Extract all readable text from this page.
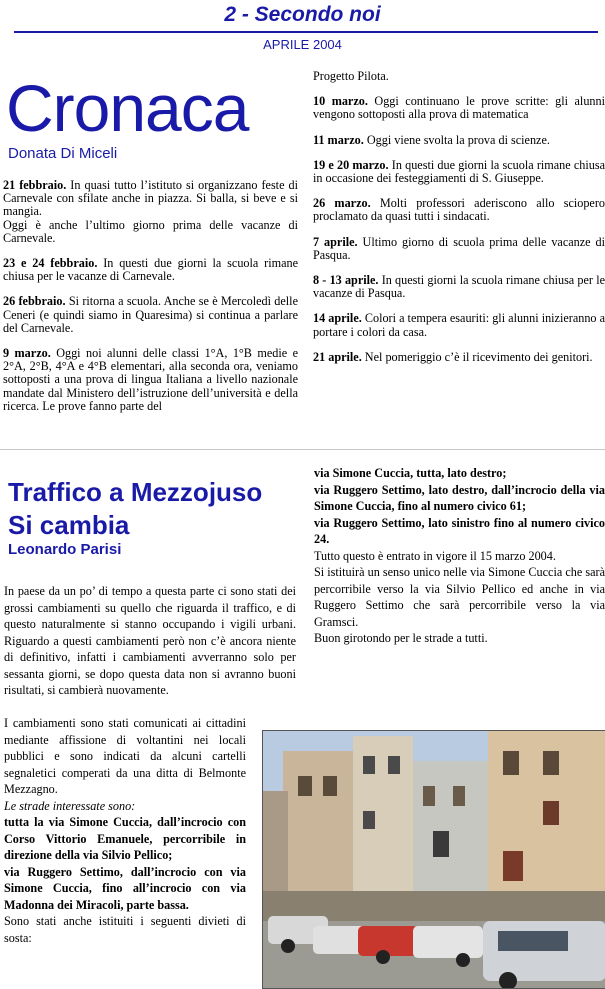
2 - Secondo noi
APRILE 2004
Cronaca
Donata Di Miceli

21 febbraio. In quasi tutto l’istituto si organizzano feste di Carnevale con sfilate anche in piazza. Si balla, si beve e si mangia.

Oggi è anche l’ultimo giorno prima delle vacanze di Carnevale.

23 e 24 febbraio. In questi due giorni la scuola rimane chiusa per le vacanze di Carnevale.

26 febbraio. Si ritorna a scuola. Anche se è Mercoledì delle Ceneri (e quindi siamo in Quaresima) si continua a parlare del Carnevale.

9 marzo. Oggi noi alunni delle classi 1°A, 1°B medie e 2°A, 2°B, 4°A e 4°B elementari, alla seconda ora, veniamo sottoposti a una prova di lingua Italiana a livello nazionale mandate dal Ministero dell’istruzione dell’università e della ricerca. Le prove fanno parte del

Progetto Pilota.

10 marzo. Oggi continuano le prove scritte: gli alunni vengono sottoposti alla prova di matematica

11 marzo. Oggi viene svolta la prova di scienze.

19 e 20 marzo. In questi due giorni la scuola rimane chiusa in occasione dei festeggiamenti di S. Giuseppe.

26 marzo. Molti professori aderiscono allo sciopero proclamato da quasi tutti i sindacati.

7 aprile. Ultimo giorno di scuola prima delle vacanze di Pasqua.

8 - 13 aprile. In questi giorni la scuola rimane chiusa per le vacanze di Pasqua.

14 aprile. Colori a tempera esauriti: gli alunni inizieranno a portare i colori da casa.

21 aprile. Nel pomeriggio c’è il ricevimento dei genitori.

Traffico a Mezzojuso
Si cambia
Leonardo Parisi

In paese da un po’ di tempo a questa parte ci sono stati dei grossi cambiamenti su quello che riguarda il traffico, e di questo naturalmente si stanno occupando i vigili urbani. Riguardo a questi cambiamenti però non c’è ancora niente di definitivo, infatti i cambiamenti avverranno solo per sessanta giorni, se dopo questa data non si avranno buoni risultati, si cambierà nuovamente.

I cambiamenti sono stati comunicati ai cittadini mediante affissione di voltantini nei locali pubblici e sono indicati da alcuni cartelli segnaletici comperati da una ditta di Belmonte Mezzagno.

Le strade interessate sono:

tutta la via Simone Cuccia, dall’incrocio con Corso Vittorio Emanuele, percorribile in direzione della via Silvio Pellico;

via Ruggero Settimo, dall’incrocio con via Simone Cuccia, fino all’incrocio con via Madonna dei Miracoli, parte bassa.

Sono stati anche istituiti i seguenti divieti di sosta:

via Simone Cuccia, tutta, lato destro;

via Ruggero Settimo, lato destro, dall’incrocio della via Simone Cuccia, fino al numero civico 61;

via Ruggero Settimo, lato sinistro fino al numero civico 24.

Tutto questo è entrato in vigore il 15 marzo 2004.

Si istituirà un senso unico nelle via Simone Cuccia che sarà percorribile verso la via Silvio Pellico ed anche in via Ruggero Settimo che sarà percorribile verso la via Gramsci.

Buon girotondo per le strade a tutti.
